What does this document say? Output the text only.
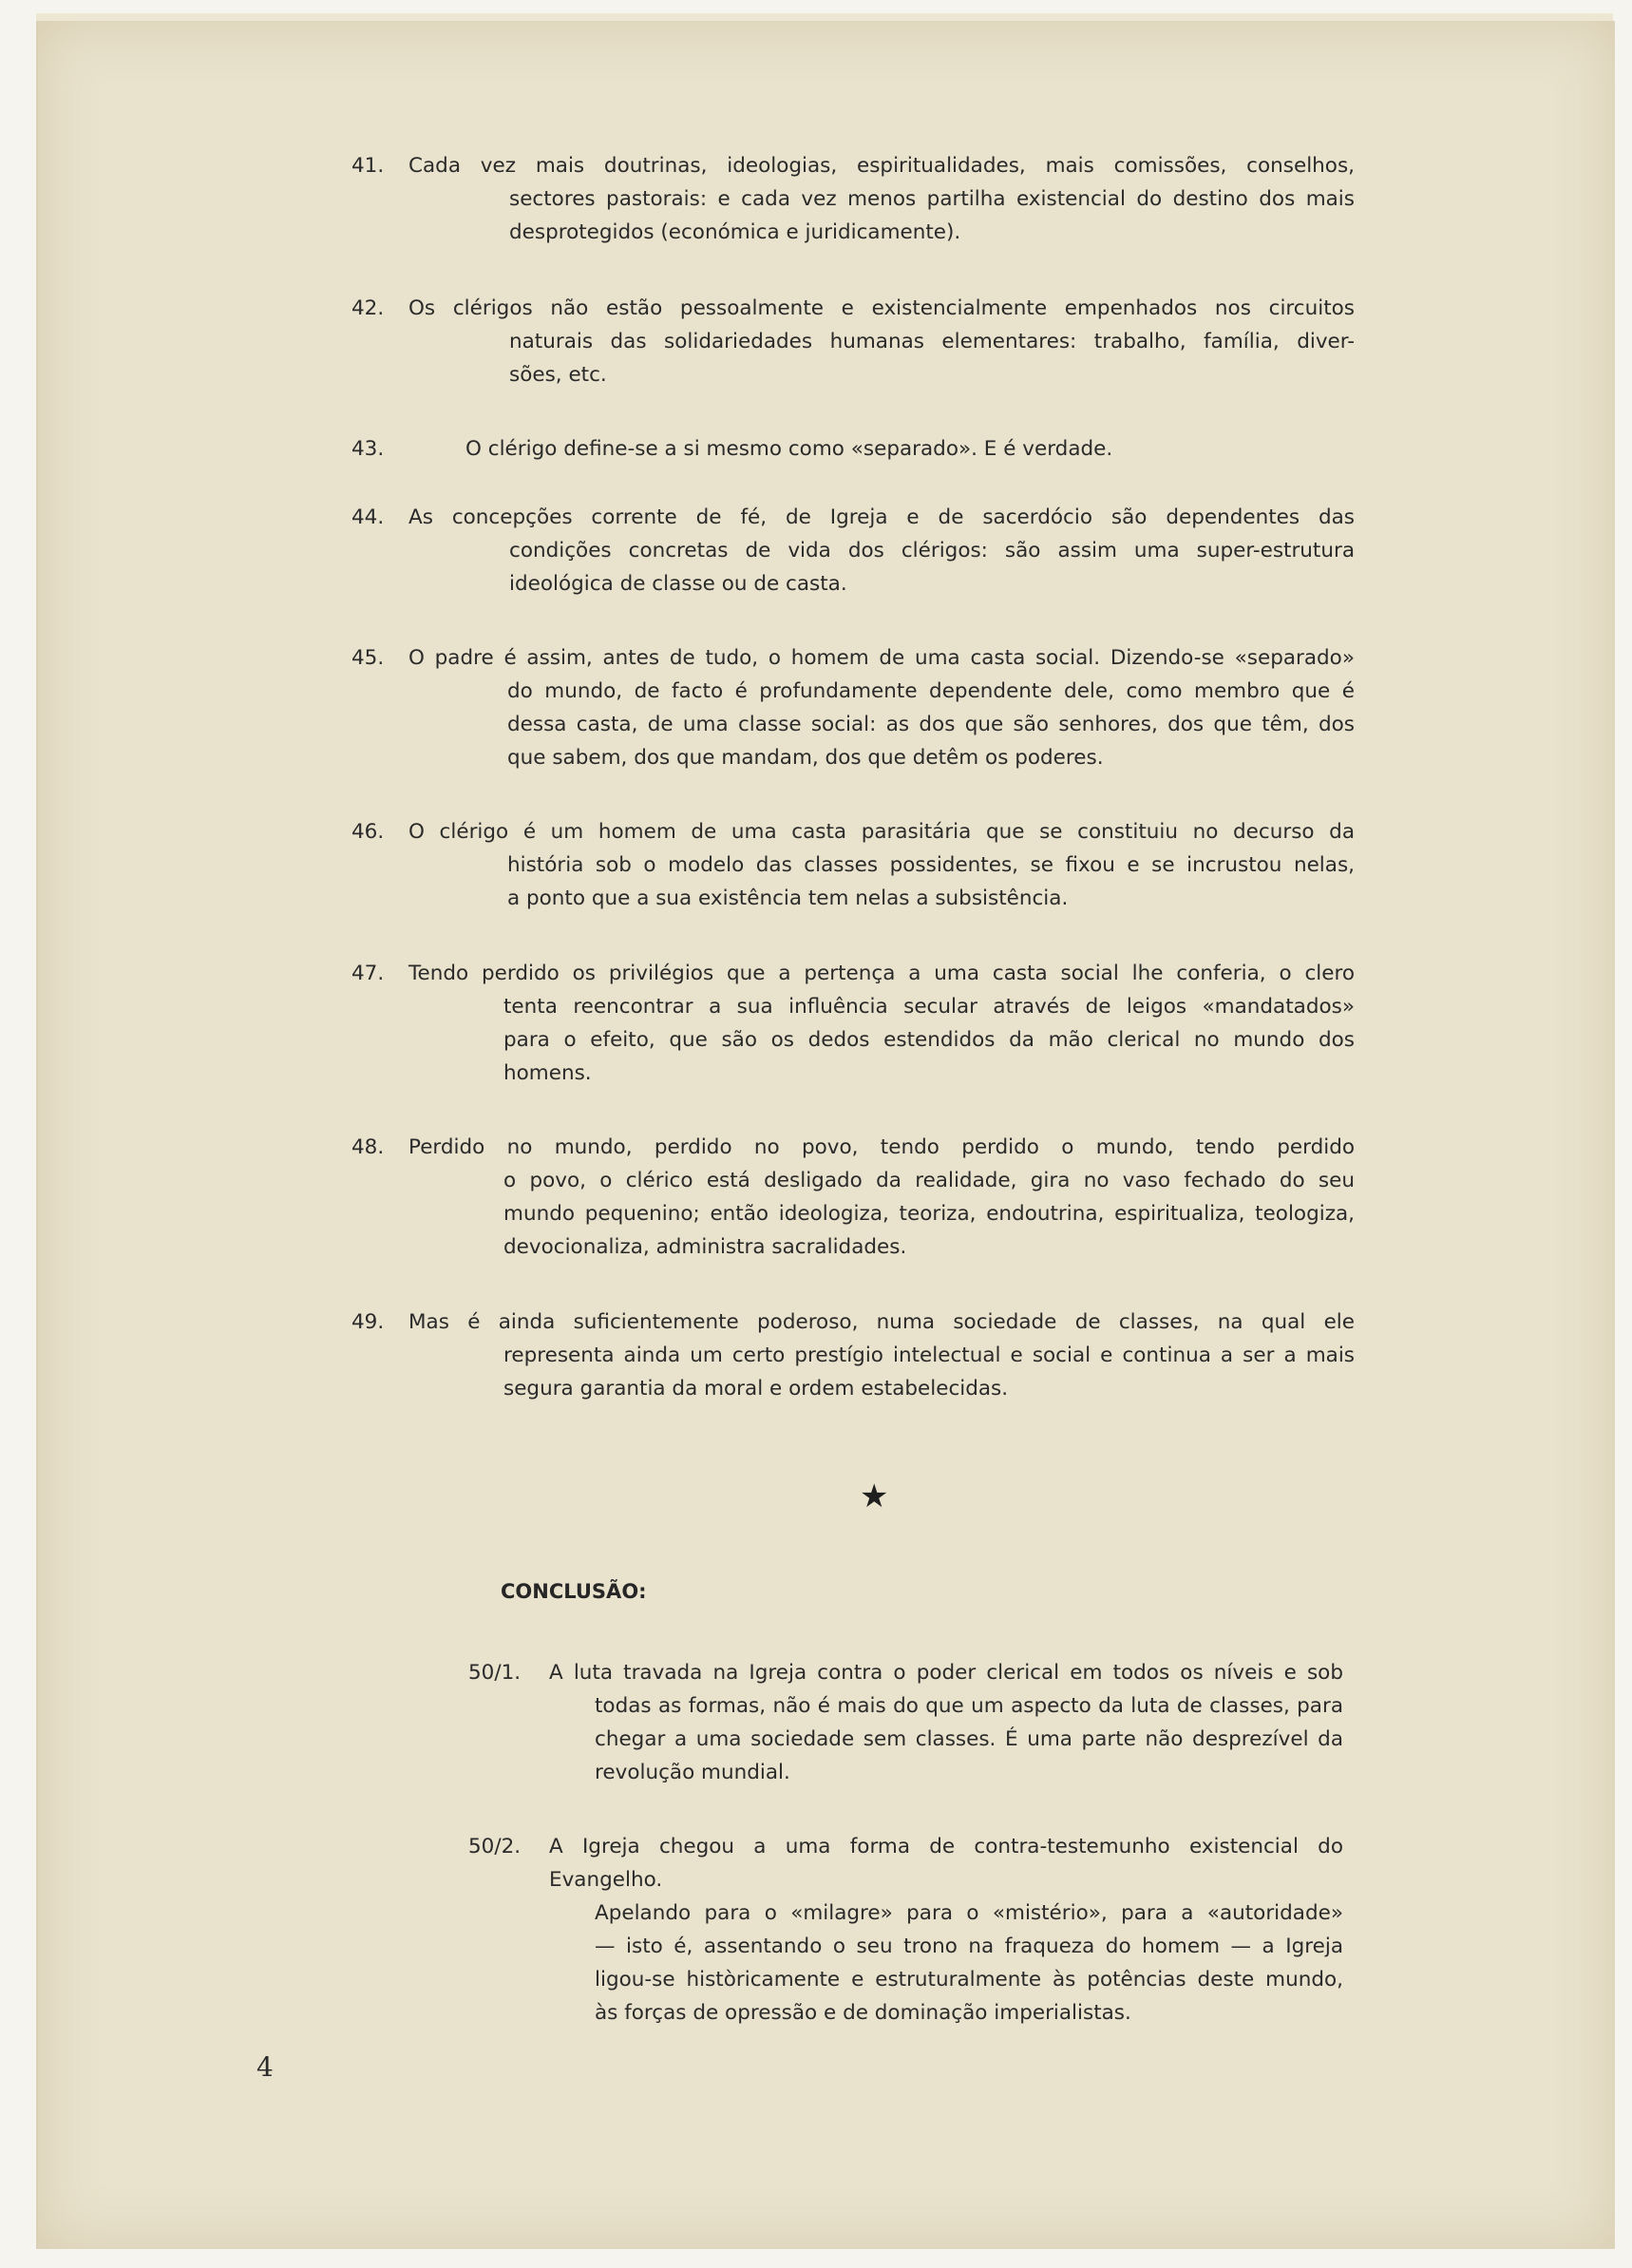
41.	Cada vez mais doutrinas, ideologias, espiritualidades, mais comissões, conselhos,
sectores pastorais: e cada vez menos partilha existencial do destino dos mais
desprotegidos (económica e juridicamente).
42.	Os clérigos não estão pessoalmente e existencialmente empenhados nos circuitos
naturais das solidariedades humanas elementares: trabalho, família, diver-
sões, etc.
43.	O clérigo define-se a si mesmo como «separado». E é verdade.
44.	As concepções corrente de fé, de Igreja e de sacerdócio são dependentes das
condições concretas de vida dos clérigos: são assim uma super-estrutura
ideológica de classe ou de casta.
45.	O padre é assim, antes de tudo, o homem de uma casta social. Dizendo-se «separado»
do mundo, de facto é profundamente dependente dele, como membro que é
dessa casta, de uma classe social: as dos que são senhores, dos que têm, dos
que sabem, dos que mandam, dos que detêm os poderes.
46.	O clérigo é um homem de uma casta parasitária que se constituiu no decurso da
história sob o modelo das classes possidentes, se fixou e se incrustou nelas,
a ponto que a sua existência tem nelas a subsistência.
47.	Tendo perdido os privilégios que a pertença a uma casta social lhe conferia, o clero
tenta reencontrar a sua influência secular através de leigos «mandatados»
para o efeito, que são os dedos estendidos da mão clerical no mundo dos
homens.
48.	Perdido no mundo, perdido no povo, tendo perdido o mundo, tendo perdido
o povo, o clérico está desligado da realidade, gira no vaso fechado do seu
mundo pequenino; então ideologiza, teoriza, endoutrina, espiritualiza, teologiza,
devocionaliza, administra sacralidades.
49.	Mas é ainda suficientemente poderoso, numa sociedade de classes, na qual ele
representa ainda um certo prestígio intelectual e social e continua a ser a mais
segura garantia da moral e ordem estabelecidas.
★
CONCLUSÃO:
50/1.	A luta travada na Igreja contra o poder clerical em todos os níveis e sob
todas as formas, não é mais do que um aspecto da luta de classes, para
chegar a uma sociedade sem classes. É uma parte não desprezível da
revolução mundial.
50/2.	A Igreja chegou a uma forma de contra-testemunho existencial do Evangelho.
Apelando para o «milagre» para o «mistério», para a «autoridade»
— isto é, assentando o seu trono na fraqueza do homem — a Igreja
ligou-se històricamente e estruturalmente às potências deste mundo,
às forças de opressão e de dominação imperialistas.
4
